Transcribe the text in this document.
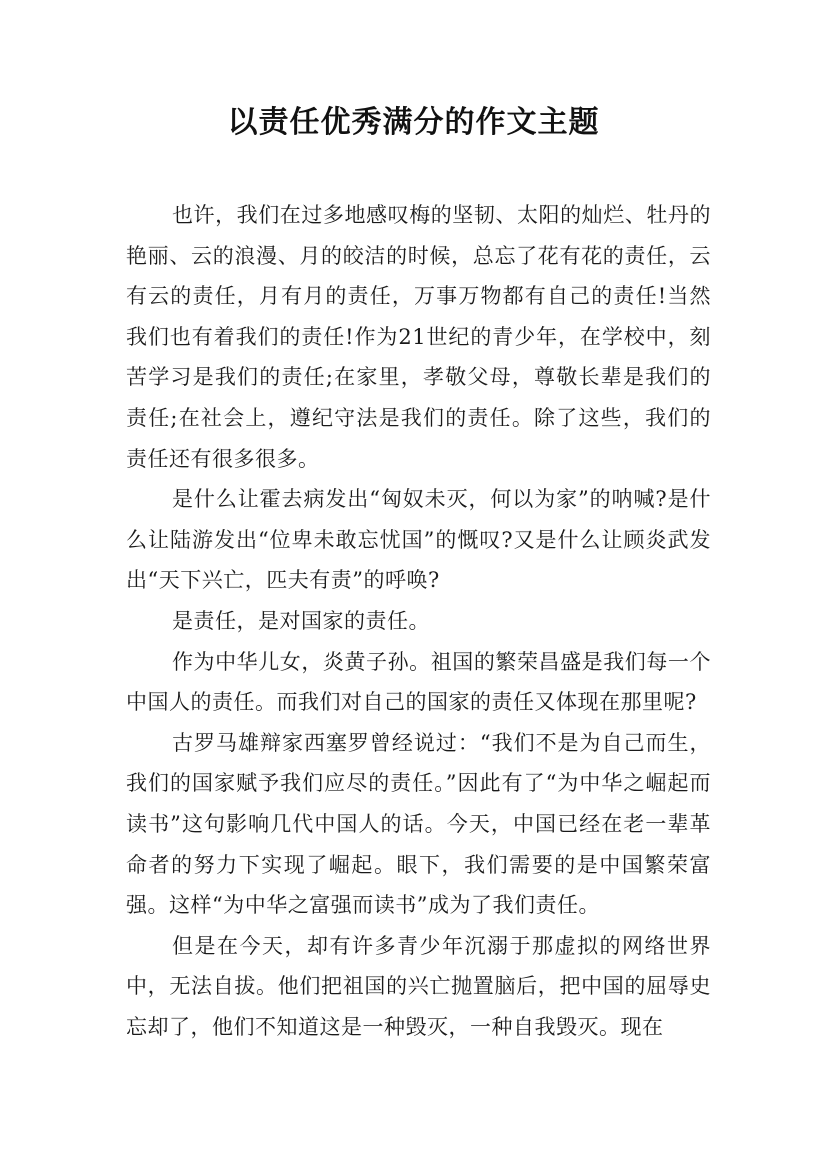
以责任优秀满分的作文主题

也许，我们在过多地感叹梅的坚韧、太阳的灿烂、牡丹的艳丽、云的浪漫、月的皎洁的时候，总忘了花有花的责任，云有云的责任，月有月的责任，万事万物都有自己的责任!当然我们也有着我们的责任!作为21世纪的青少年，在学校中，刻苦学习是我们的责任;在家里，孝敬父母，尊敬长辈是我们的责任;在社会上，遵纪守法是我们的责任。除了这些，我们的责任还有很多很多。

是什么让霍去病发出“匈奴未灭，何以为家”的呐喊?是什么让陆游发出“位卑未敢忘忧国”的慨叹?又是什么让顾炎武发出“天下兴亡，匹夫有责”的呼唤?

是责任，是对国家的责任。

作为中华儿女，炎黄子孙。祖国的繁荣昌盛是我们每一个中国人的责任。而我们对自己的国家的责任又体现在那里呢?

古罗马雄辩家西塞罗曾经说过：“我们不是为自己而生，我们的国家赋予我们应尽的责任。”因此有了“为中华之崛起而读书”这句影响几代中国人的话。今天，中国已经在老一辈革命者的努力下实现了崛起。眼下，我们需要的是中国繁荣富强。这样“为中华之富强而读书”成为了我们责任。

但是在今天，却有许多青少年沉溺于那虚拟的网络世界中，无法自拔。他们把祖国的兴亡抛置脑后，把中国的屈辱史忘却了，他们不知道这是一种毁灭，一种自我毁灭。现在
